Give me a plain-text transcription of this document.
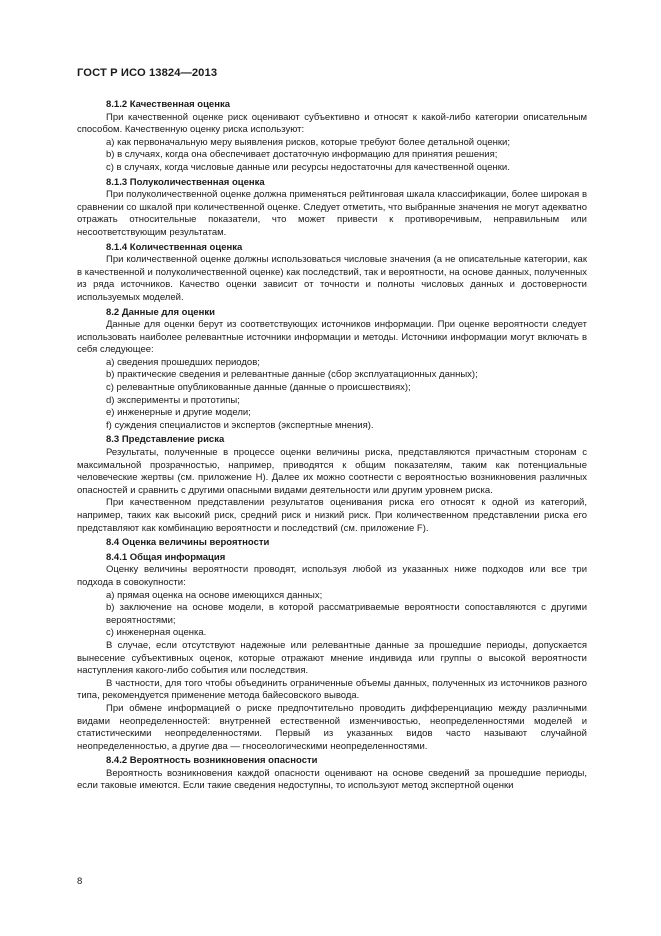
ГОСТ Р ИСО 13824—2013

8.1.2 Качественная оценка

При качественной оценке риск оценивают субъективно и относят к какой-либо категории описательным способом. Качественную оценку риска используют:

a) как первоначальную меру выявления рисков, которые требуют более детальной оценки;

b) в случаях, когда она обеспечивает достаточную информацию для принятия решения;

c) в случаях, когда числовые данные или ресурсы недостаточны для качественной оценки.

8.1.3 Полуколичественная оценка

При полуколичественной оценке должна применяться рейтинговая шкала классификации, более широкая в сравнении со шкалой при количественной оценке. Следует отметить, что выбранные значения не могут адекватно отражать относительные показатели, что может привести к противоречивым, неправильным или несоответствующим результатам.

8.1.4 Количественная оценка

При количественной оценке должны использоваться числовые значения (а не описательные категории, как в качественной и полуколичественной оценке) как последствий, так и вероятности, на основе данных, полученных из ряда источников. Качество оценки зависит от точности и полноты числовых данных и достоверности используемых моделей.

8.2 Данные для оценки

Данные для оценки берут из соответствующих источников информации. При оценке вероятности следует использовать наиболее релевантные источники информации и методы. Источники информации могут включать в себя следующее:

a) сведения прошедших периодов;

b) практические сведения и релевантные данные (сбор эксплуатационных данных);

c) релевантные опубликованные данные (данные о происшествиях);

d) эксперименты и прототипы;

e) инженерные и другие модели;

f) суждения специалистов и экспертов (экспертные мнения).

8.3 Представление риска

Результаты, полученные в процессе оценки величины риска, представляются причастным сторонам с максимальной прозрачностью, например, приводятся к общим показателям, таким как потенциальные человеческие жертвы (см. приложение H). Далее их можно соотнести с вероятностью возникновения различных опасностей и сравнить с другими опасными видами деятельности или другим уровнем риска.

При качественном представлении результатов оценивания риска его относят к одной из категорий, например, таких как высокий риск, средний риск и низкий риск. При количественном представлении риска его представляют как комбинацию вероятности и последствий (см. приложение F).

8.4 Оценка величины вероятности

8.4.1 Общая информация

Оценку величины вероятности проводят, используя любой из указанных ниже подходов или все три подхода в совокупности:

a) прямая оценка на основе имеющихся данных;

b) заключение на основе модели, в которой рассматриваемые вероятности сопоставляются с другими вероятностями;

c) инженерная оценка.

В случае, если отсутствуют надежные или релевантные данные за прошедшие периоды, допускается вынесение субъективных оценок, которые отражают мнение индивида или группы о высокой вероятности наступления какого-либо события или последствия.

В частности, для того чтобы объединить ограниченные объемы данных, полученных из источников разного типа, рекомендуется применение метода байесовского вывода.

При обмене информацией о риске предпочтительно проводить дифференциацию между различными видами неопределенностей: внутренней естественной изменчивостью, неопределенностями моделей и статистическими неопределенностями. Первый из указанных видов часто называют случайной неопределенностью, а другие два — гносеологическими неопределенностями.

8.4.2 Вероятность возникновения опасности

Вероятность возникновения каждой опасности оценивают на основе сведений за прошедшие периоды, если таковые имеются. Если такие сведения недоступны, то используют метод экспертной оценки

8
